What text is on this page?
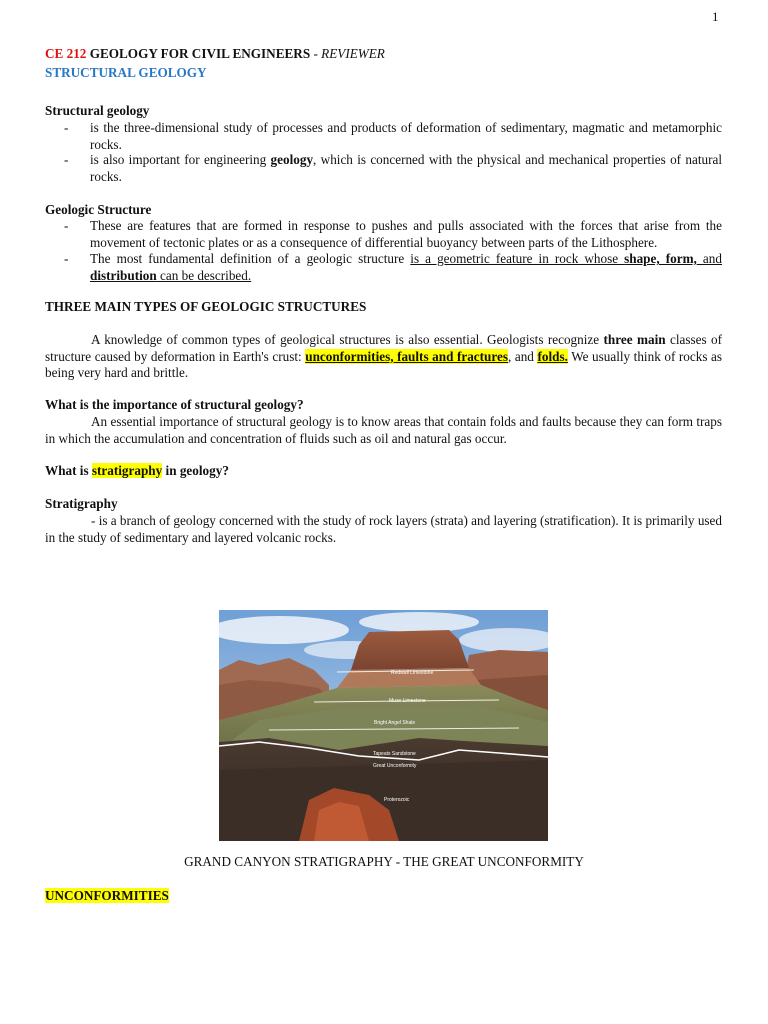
1
CE 212 GEOLOGY FOR CIVIL ENGINEERS - REVIEWER
STRUCTURAL GEOLOGY
Structural geology
-	is the three-dimensional study of processes and products of deformation of sedimentary, magmatic and metamorphic rocks.
-	is also important for engineering geology, which is concerned with the physical and mechanical properties of natural rocks.
Geologic Structure
-	These are features that are formed in response to pushes and pulls associated with the forces that arise from the movement of tectonic plates or as a consequence of differential buoyancy between parts of the Lithosphere.
-	The most fundamental definition of a geologic structure is a geometric feature in rock whose shape, form, and distribution can be described.
THREE MAIN TYPES OF GEOLOGIC STRUCTURES
A knowledge of common types of geological structures is also essential. Geologists recognize three main classes of structure caused by deformation in Earth's crust: unconformities, faults and fractures, and folds. We usually think of rocks as being very hard and brittle.
What is the importance of structural geology?
An essential importance of structural geology is to know areas that contain folds and faults because they can form traps in which the accumulation and concentration of fluids such as oil and natural gas occur.
What is stratigraphy in geology?
Stratigraphy
- is a branch of geology concerned with the study of rock layers (strata) and layering (stratification). It is primarily used in the study of sedimentary and layered volcanic rocks.
Redwall Limestone
Muav Limestone
Bright Angel Shale
Tapeats Sandstone
Great Unconformity
Proterozoic
GRAND CANYON STRATIGRAPHY - THE GREAT UNCONFORMITY
UNCONFORMITIES
